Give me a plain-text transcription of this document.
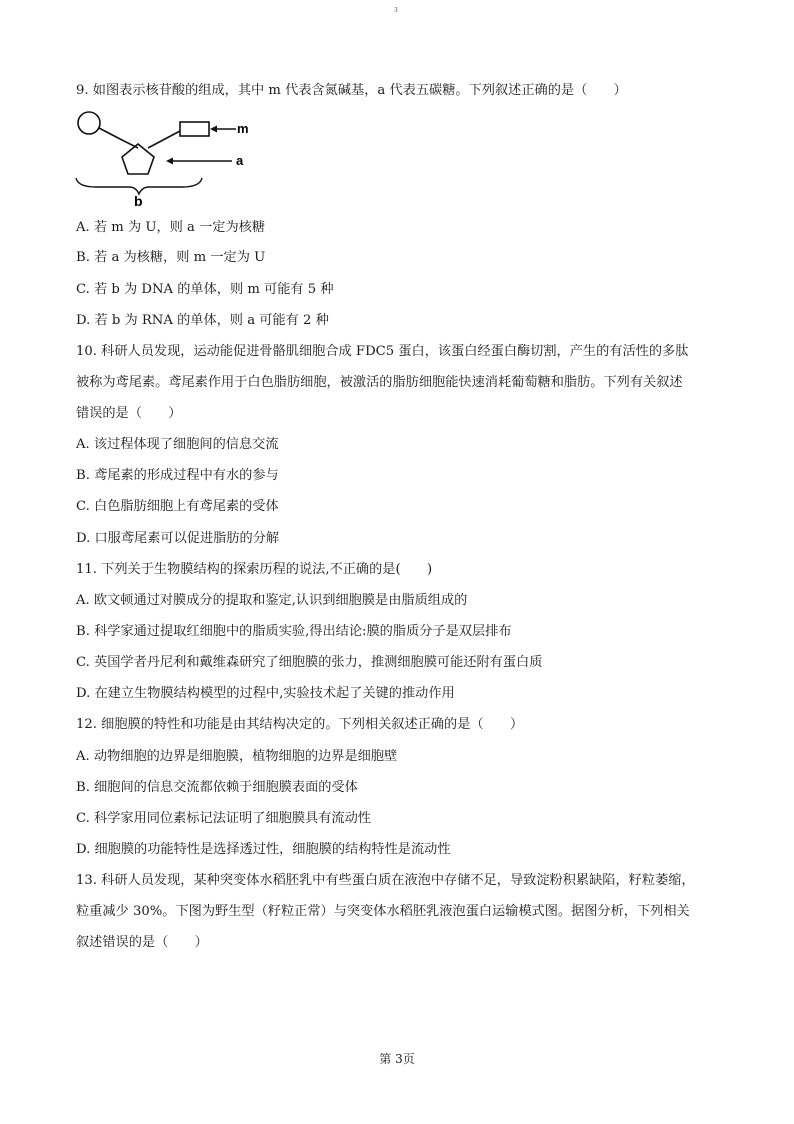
3
9. 如图表示核苷酸的组成，其中 m 代表含氮碱基，a 代表五碳糖。下列叙述正确的是（　　）
m
a
b
A. 若 m 为 U，则 a 一定为核糖
B. 若 a 为核糖，则 m 一定为 U
C. 若 b 为 DNA 的单体，则 m 可能有 5 种
D. 若 b 为 RNA 的单体，则 a 可能有 2 种
10. 科研人员发现，运动能促进骨骼肌细胞合成 FDC5 蛋白，该蛋白经蛋白酶切割，产生的有活性的多肽
被称为鸢尾素。鸢尾素作用于白色脂肪细胞，被激活的脂肪细胞能快速消耗葡萄糖和脂肪。下列有关叙述
错误的是（　　）
A. 该过程体现了细胞间的信息交流
B. 鸢尾素的形成过程中有水的参与
C. 白色脂肪细胞上有鸢尾素的受体
D. 口服鸢尾素可以促进脂肪的分解
11. 下列关于生物膜结构的探索历程的说法,不正确的是(　　)
A. 欧文顿通过对膜成分的提取和鉴定,认识到细胞膜是由脂质组成的
B. 科学家通过提取红细胞中的脂质实验,得出结论:膜的脂质分子是双层排布
C. 英国学者丹尼利和戴维森研究了细胞膜的张力，推测细胞膜可能还附有蛋白质
D. 在建立生物膜结构模型的过程中,实验技术起了关键的推动作用
12. 细胞膜的特性和功能是由其结构决定的。下列相关叙述正确的是（　　）
A. 动物细胞的边界是细胞膜，植物细胞的边界是细胞壁
B. 细胞间的信息交流都依赖于细胞膜表面的受体
C. 科学家用同位素标记法证明了细胞膜具有流动性
D. 细胞膜的功能特性是选择透过性，细胞膜的结构特性是流动性
13. 科研人员发现，某种突变体水稻胚乳中有些蛋白质在液泡中存储不足，导致淀粉积累缺陷，籽粒萎缩，
粒重减少 30%。下图为野生型（籽粒正常）与突变体水稻胚乳液泡蛋白运输模式图。据图分析，下列相关
叙述错误的是（　　）
第 3页
